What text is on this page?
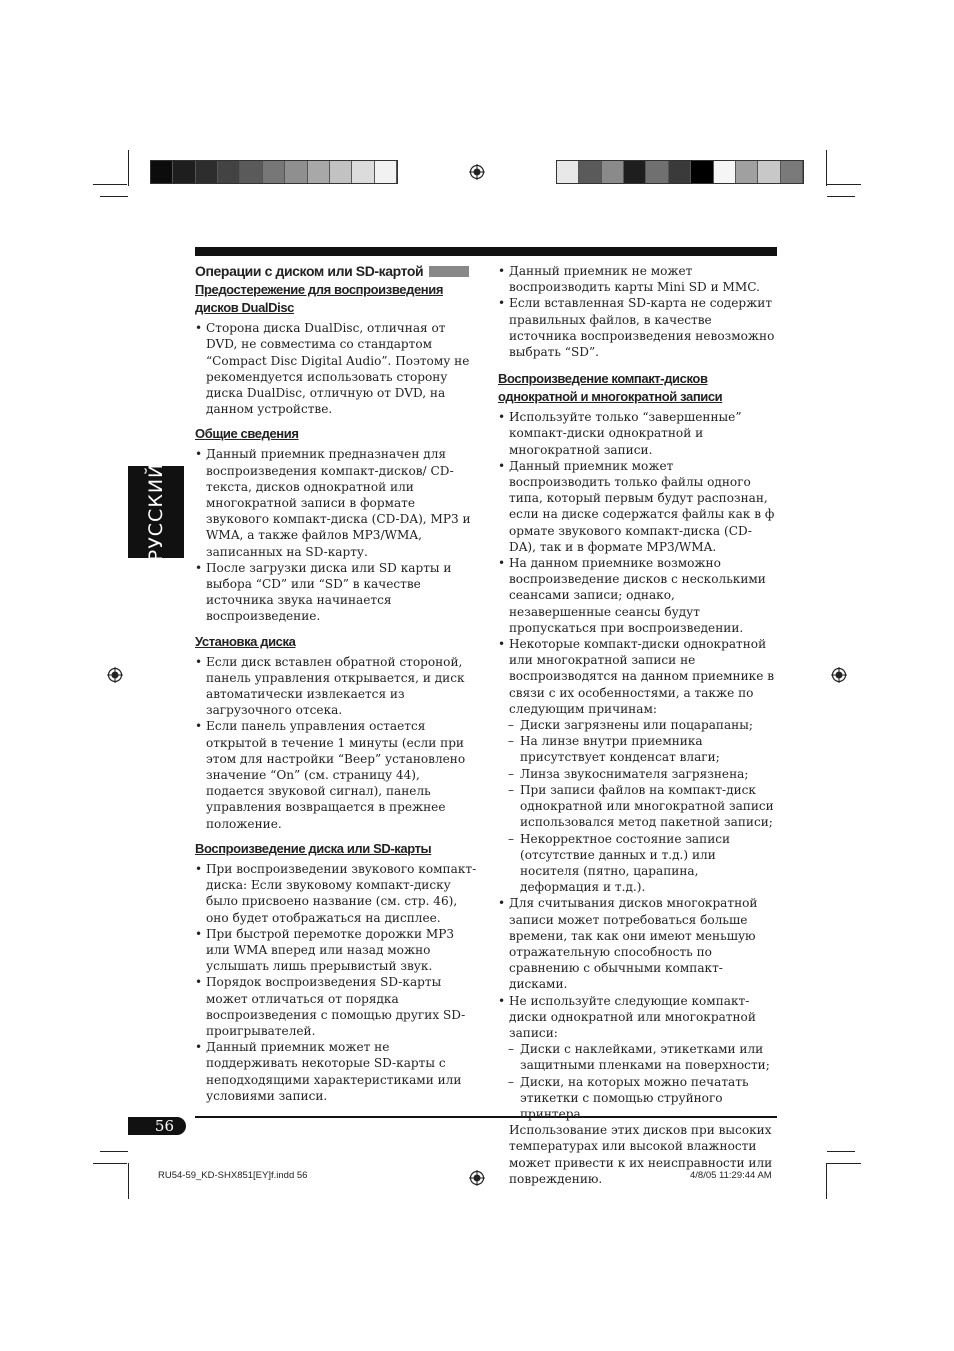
РУССКИЙ
56
Операции с диском или SD-картой
Предостережение для воспроизведения
дисков DualDisc
• Сторона диска DualDisc, отличная от DVD, не совместима со стандартом “Compact Disc Digital Audio”. Поэтому не рекомендуется использовать сторону диска DualDisc, отличную от DVD, на данном устройстве.
Общие сведения
• Данный приемник предназначен для воспроизведения компакт-дисков/ CD-текста, дисков однократной или многократной записи в формате звукового компакт-диска (CD-DA), MP3 и WMA, а также файлов MP3/WMA, записанных на SD-карту.
• После загрузки диска или SD карты и выбора “CD” или “SD” в качестве источника звука начинается воспроизведение.
Установка диска
• Если диск вставлен обратной стороной, панель управления открывается, и диск автоматически извлекается из загрузочного отсека.
• Если панель управления остается открытой в течение 1 минуты (если при этом для настройки “Beep” установлено значение “On” (см. страницу 44), подается звуковой сигнал), панель управления возвращается в прежнее положение.
Воспроизведение диска или SD-карты
• При воспроизведении звукового компакт-диска: Если звуковому компакт-диску было присвоено название (см. стр. 46), оно будет отображаться на дисплее.
• При быстрой перемотке дорожки MP3 или WMA вперед или назад можно услышать лишь прерывистый звук.
• Порядок воспроизведения SD-карты может отличаться от порядка воспроизведения с помощью других SD-проигрывателей.
• Данный приемник может не поддерживать некоторые SD-карты с неподходящими характеристиками или условиями записи.
• Данный приемник не может воспроизводить карты Mini SD и MMC.
• Если вставленная SD-карта не содержит правильных файлов, в качестве источника воспроизведения невозможно выбрать “SD”.
Воспроизведение компакт-дисков
однократной и многократной записи
• Используйте только “завершенные” компакт-диски однократной и многократной записи.
• Данный приемник может воспроизводить только файлы одного типа, который первым будут распознан, если на диске содержатся файлы как в ф ормате звукового компакт-диска (CD-DA), так и в формате MP3/WMA.
• На данном приемнике возможно воспроизведение дисков с несколькими сеансами записи; однако, незавершенные сеансы будут пропускаться при воспроизведении.
• Некоторые компакт-диски однократной или многократной записи не воспроизводятся на данном приемнике в связи с их особенностями, а также по следующим причинам:
– Диски загрязнены или поцарапаны;
– На линзе внутри приемника присутствует конденсат влаги;
– Линза звукоснимателя загрязнена;
– При записи файлов на компакт-диск однократной или многократной записи использовался метод пакетной записи;
– Некорректное состояние записи (отсутствие данных и т.д.) или носителя (пятно, царапина, деформация и т.д.).
• Для считывания дисков многократной записи может потребоваться больше времени, так как они имеют меньшую отражательную способность по сравнению с обычными компакт-дисками.
• Не используйте следующие компакт-диски однократной или многократной записи:
– Диски с наклейками, этикетками или защитными пленками на поверхности;
– Диски, на которых можно печатать этикетки с помощью струйного принтера.

Использование этих дисков при высоких температурах или высокой влажности может привести к их неисправности или повреждению.

RU54-59_KD-SHX851[EY]f.indd 56	4/8/05 11:29:44 AM
